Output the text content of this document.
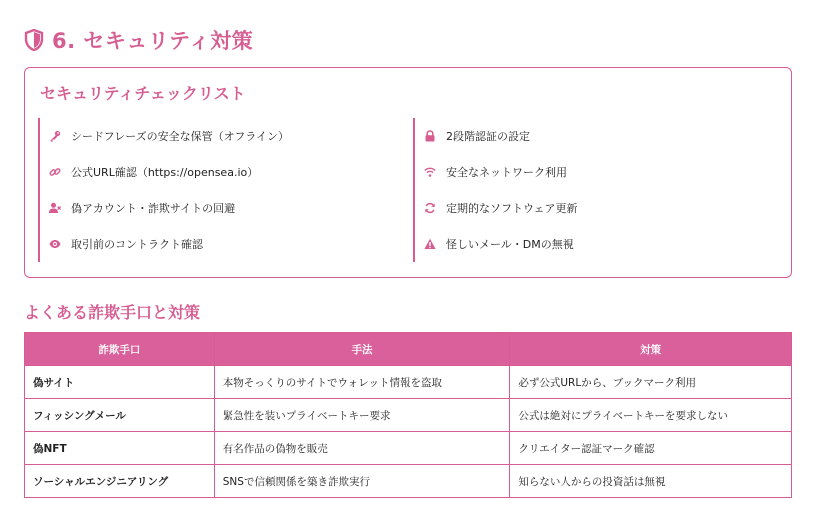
6. セキュリティ対策
セキュリティチェックリスト
シードフレーズの安全な保管（オフライン）
公式URL確認（https://opensea.io）
偽アカウント・詐欺サイトの回避
取引前のコントラクト確認
2段階認証の設定
安全なネットワーク利用
定期的なソフトウェア更新
怪しいメール・DMの無視
よくある詐欺手口と対策
詐欺手口	手法	対策
偽サイト	本物そっくりのサイトでウォレット情報を盗取	必ず公式URLから、ブックマーク利用
フィッシングメール	緊急性を装いプライベートキー要求	公式は絶対にプライベートキーを要求しない
偽NFT	有名作品の偽物を販売	クリエイター認証マーク確認
ソーシャルエンジニアリング	SNSで信頼関係を築き詐欺実行	知らない人からの投資話は無視
